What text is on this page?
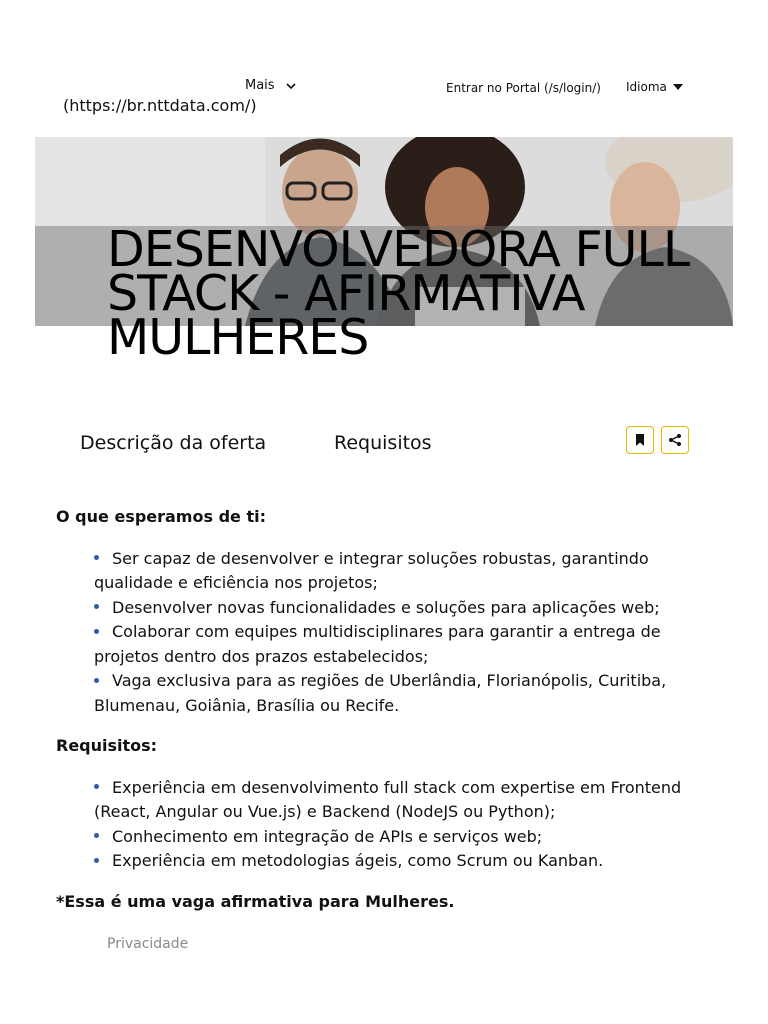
Mais
(https://br.nttdata.com/)
Entrar no Portal (/s/login/) Idioma
DESENVOLVEDORA FULL STACK - AFIRMATIVA MULHERES
Descrição da oferta	Requisitos

O que esperamos de ti:

Ser capaz de desenvolver e integrar soluções robustas, garantindo qualidade e eficiência nos projetos;
Desenvolver novas funcionalidades e soluções para aplicações web;
Colaborar com equipes multidisciplinares para garantir a entrega de projetos dentro dos prazos estabelecidos;
Vaga exclusiva para as regiões de Uberlândia, Florianópolis, Curitiba, Blumenau, Goiânia, Brasília ou Recife.

Requisitos:

Experiência em desenvolvimento full stack com expertise em Frontend (React, Angular ou Vue.js) e Backend (NodeJS ou Python);
Conhecimento em integração de APIs e serviços web;
Experiência em metodologias ágeis, como Scrum ou Kanban.

*Essa é uma vaga afirmativa para Mulheres.

Privacidade
